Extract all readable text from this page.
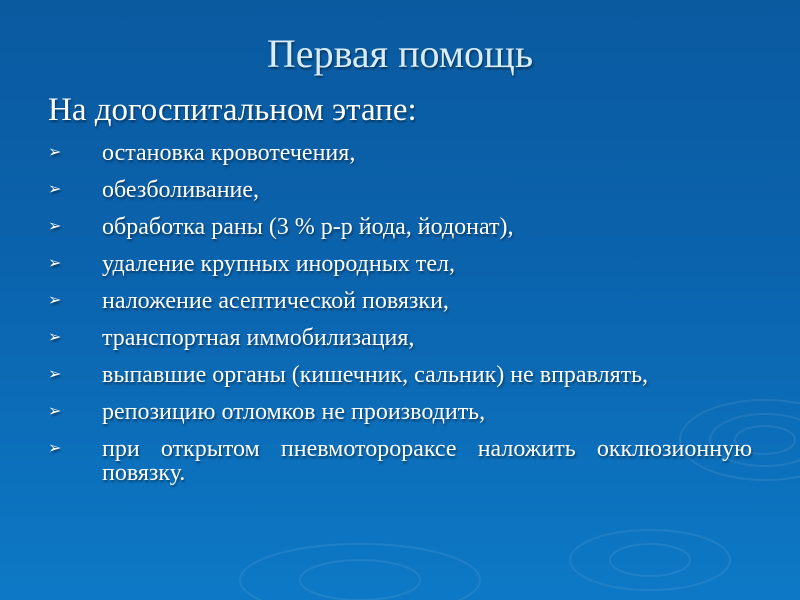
Первая помощь
На догоспитальном этапе:
➢	остановка кровотечения,
➢	обезболивание,
➢	обработка раны (3 % р-р йода, йодонат),
➢	удаление крупных инородных тел,
➢	наложение асептической повязки,
➢	транспортная иммобилизация,
➢	выпавшие органы (кишечник, сальник) не вправлять,
➢	репозицию отломков не производить,
➢	при открытом пневмоторораксе наложить окклюзионную повязку.
